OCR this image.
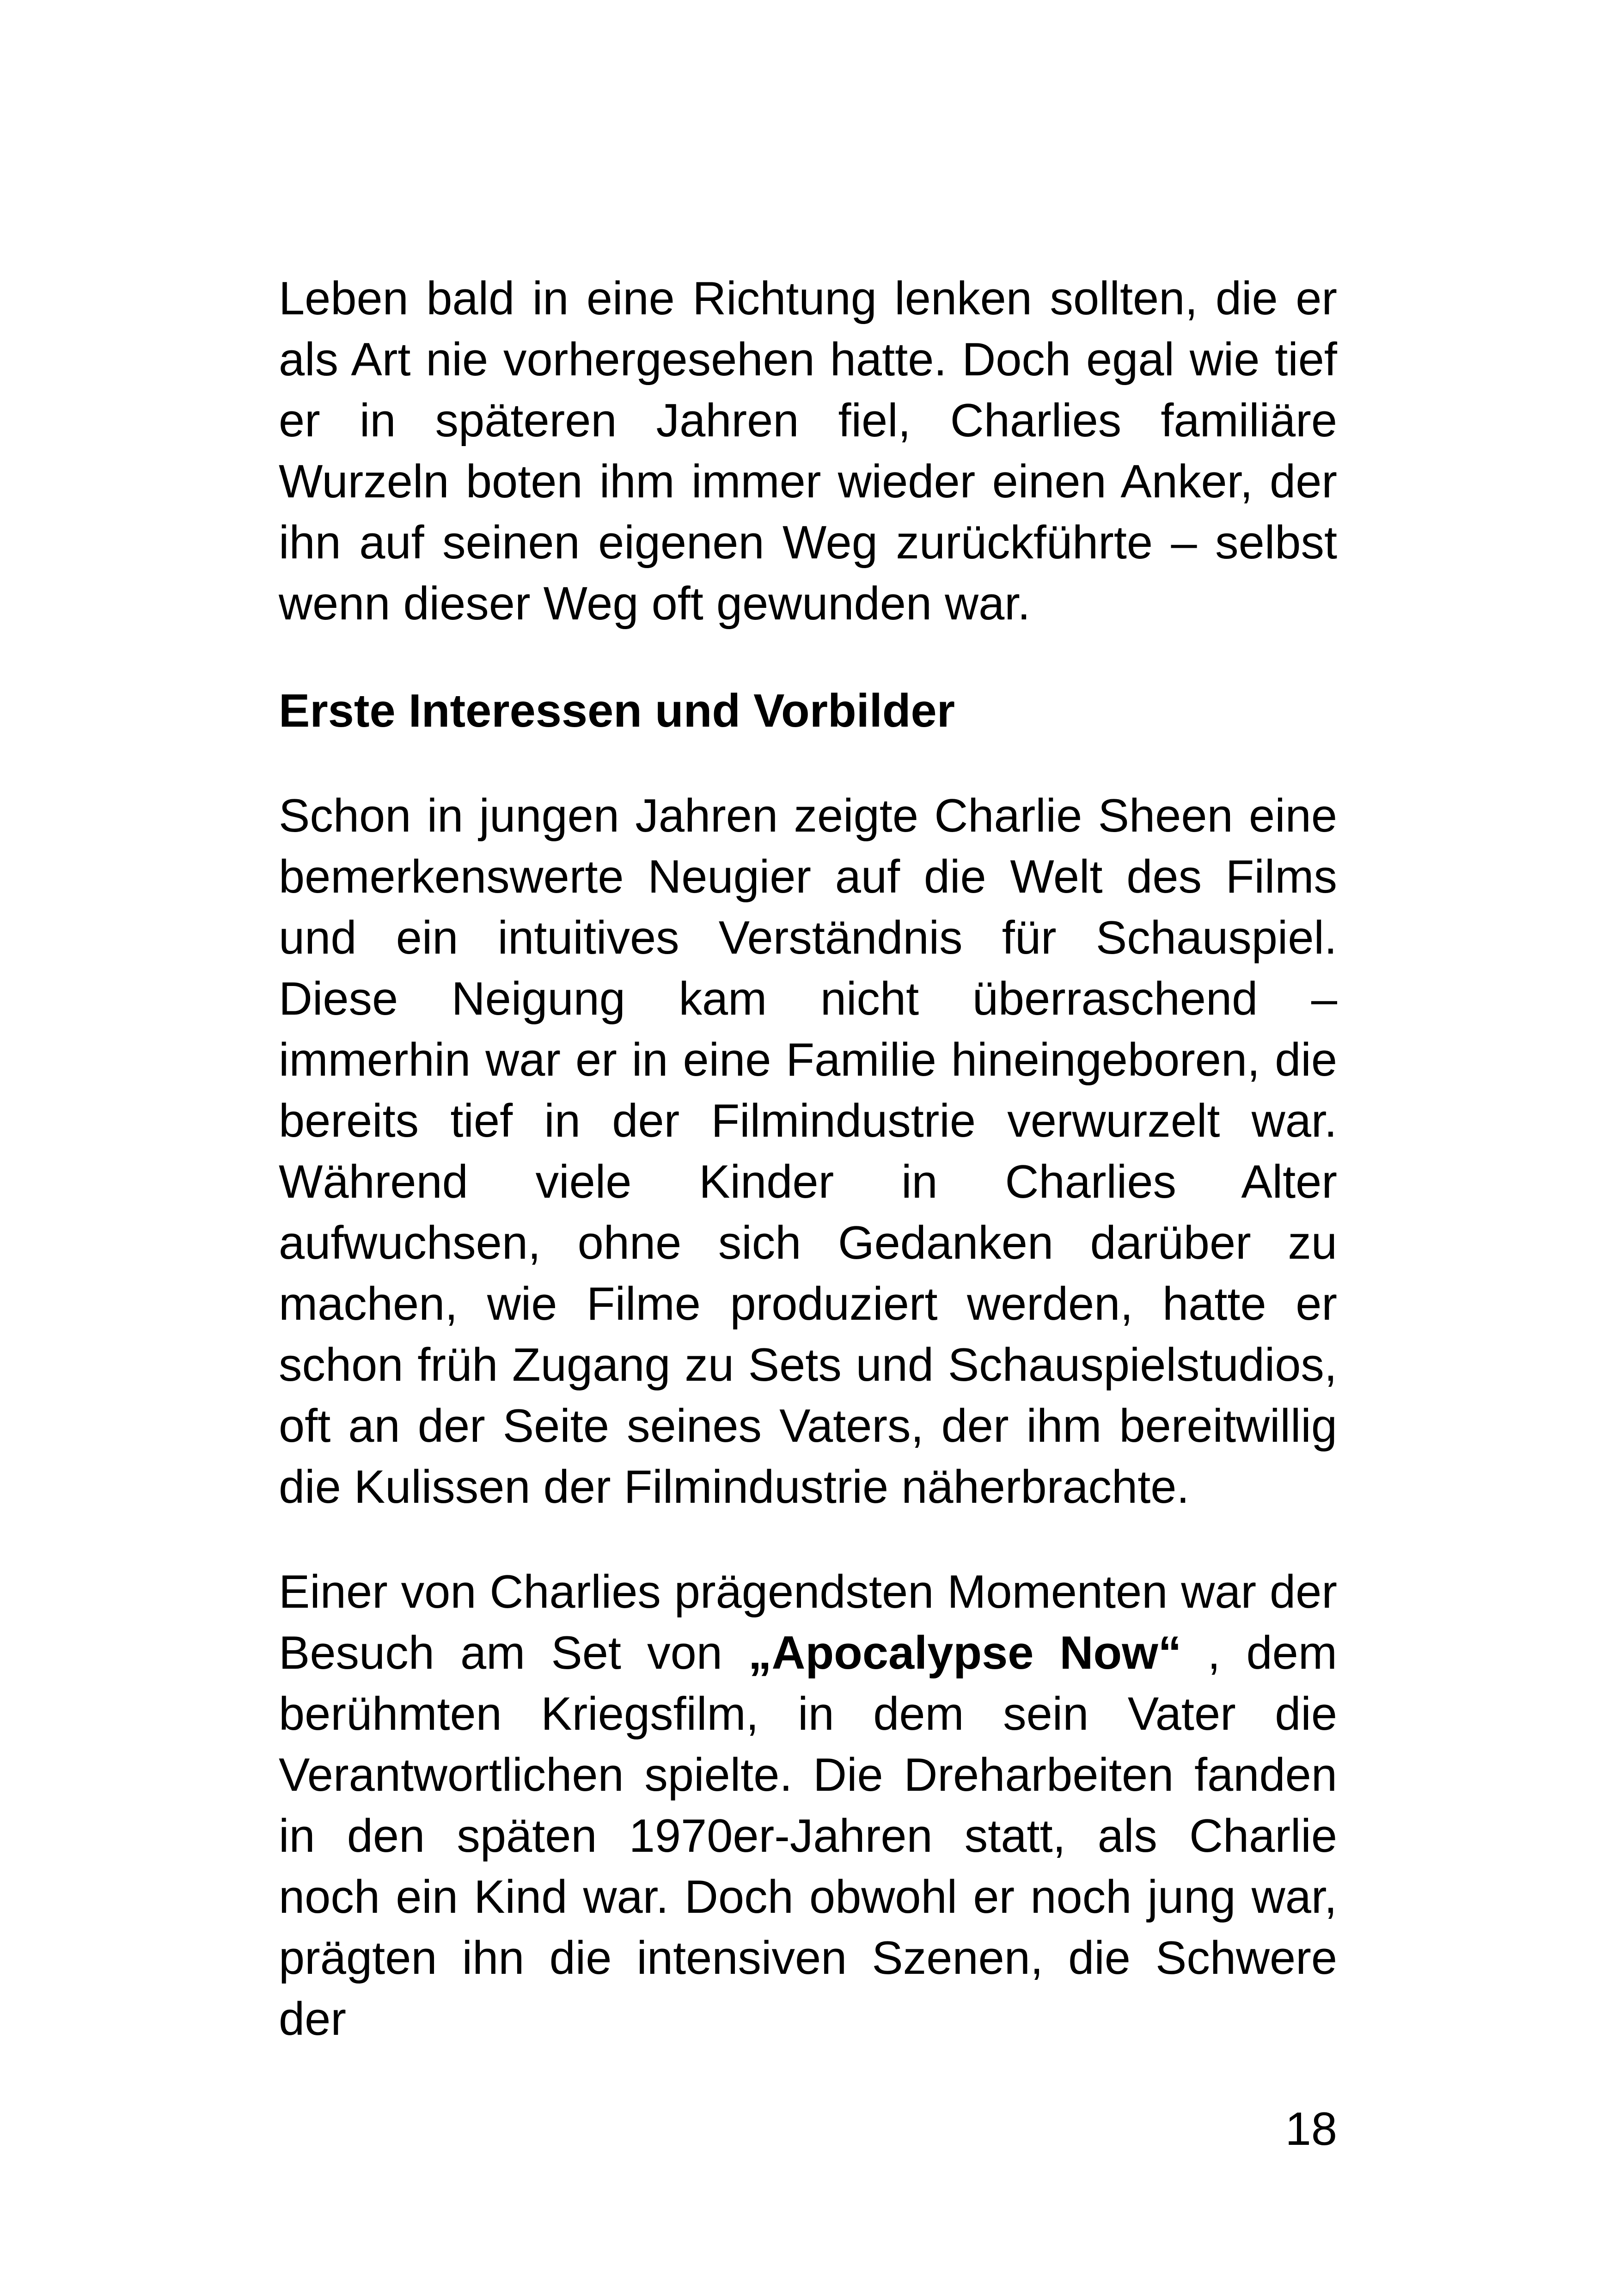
Leben bald in eine Richtung lenken sollten, die er als Art nie vorhergesehen hatte. Doch egal wie tief er in späteren Jahren fiel, Charlies familiäre Wurzeln boten ihm immer wieder einen Anker, der ihn auf seinen eigenen Weg zurückführte – selbst wenn dieser Weg oft gewunden war.

Erste Interessen und Vorbilder

Schon in jungen Jahren zeigte Charlie Sheen eine bemerkenswerte Neugier auf die Welt des Films und ein intuitives Verständnis für Schauspiel. Diese Neigung kam nicht überraschend – immerhin war er in eine Familie hineingeboren, die bereits tief in der Filmindustrie verwurzelt war. Während viele Kinder in Charlies Alter aufwuchsen, ohne sich Gedanken darüber zu machen, wie Filme produziert werden, hatte er schon früh Zugang zu Sets und Schauspielstudios, oft an der Seite seines Vaters, der ihm bereitwillig die Kulissen der Filmindustrie näherbrachte.

Einer von Charlies prägendsten Momenten war der Besuch am Set von „Apocalypse Now“ , dem berühmten Kriegsfilm, in dem sein Vater die Verantwortlichen spielte. Die Dreharbeiten fanden in den späten 1970er-Jahren statt, als Charlie noch ein Kind war. Doch obwohl er noch jung war, prägten ihn die intensiven Szenen, die Schwere der

18
